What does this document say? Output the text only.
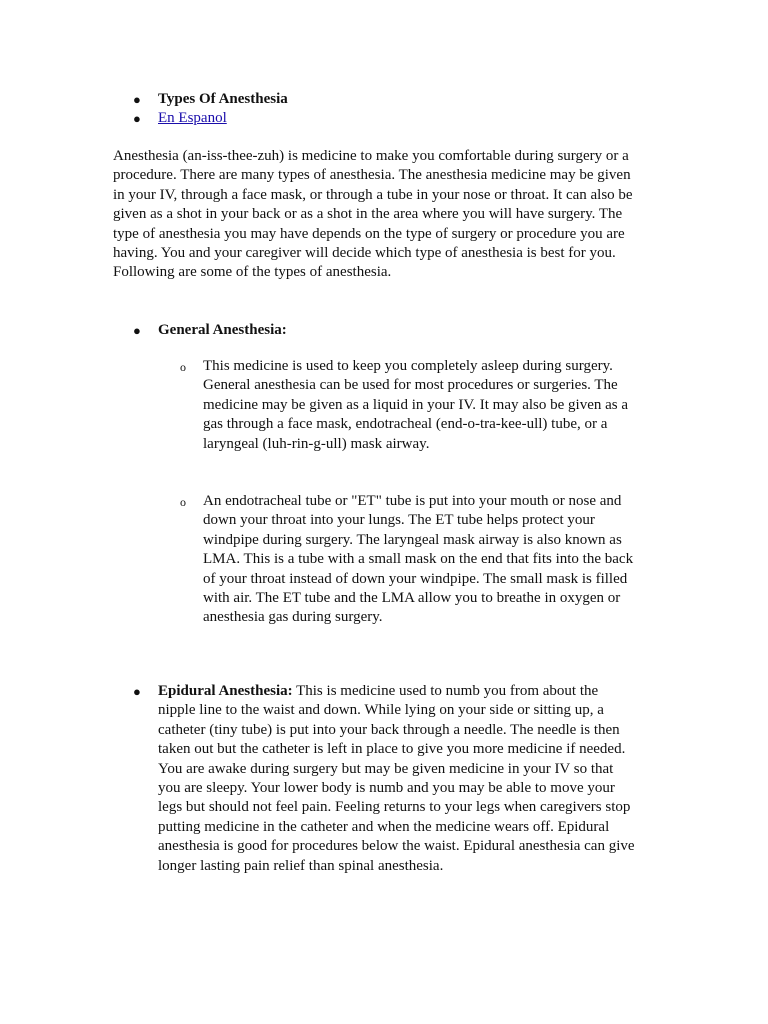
● Types Of Anesthesia
● En Espanol

Anesthesia (an-iss-thee-zuh) is medicine to make you comfortable during surgery or a procedure. There are many types of anesthesia. The anesthesia medicine may be given in your IV, through a face mask, or through a tube in your nose or throat. It can also be given as a shot in your back or as a shot in the area where you will have surgery. The type of anesthesia you may have depends on the type of surgery or procedure you are having. You and your caregiver will decide which type of anesthesia is best for you. Following are some of the types of anesthesia.

● General Anesthesia:
o This medicine is used to keep you completely asleep during surgery. General anesthesia can be used for most procedures or surgeries. The medicine may be given as a liquid in your IV. It may also be given as a gas through a face mask, endotracheal (end-o-tra-kee-ull) tube, or a laryngeal (luh-rin-g-ull) mask airway.
o An endotracheal tube or "ET" tube is put into your mouth or nose and down your throat into your lungs. The ET tube helps protect your windpipe during surgery. The laryngeal mask airway is also known as LMA. This is a tube with a small mask on the end that fits into the back of your throat instead of down your windpipe. The small mask is filled with air. The ET tube and the LMA allow you to breathe in oxygen or anesthesia gas during surgery.
● Epidural Anesthesia: This is medicine used to numb you from about the nipple line to the waist and down. While lying on your side or sitting up, a catheter (tiny tube) is put into your back through a needle. The needle is then taken out but the catheter is left in place to give you more medicine if needed. You are awake during surgery but may be given medicine in your IV so that you are sleepy. Your lower body is numb and you may be able to move your legs but should not feel pain. Feeling returns to your legs when caregivers stop putting medicine in the catheter and when the medicine wears off. Epidural anesthesia is good for procedures below the waist. Epidural anesthesia can give longer lasting pain relief than spinal anesthesia.
